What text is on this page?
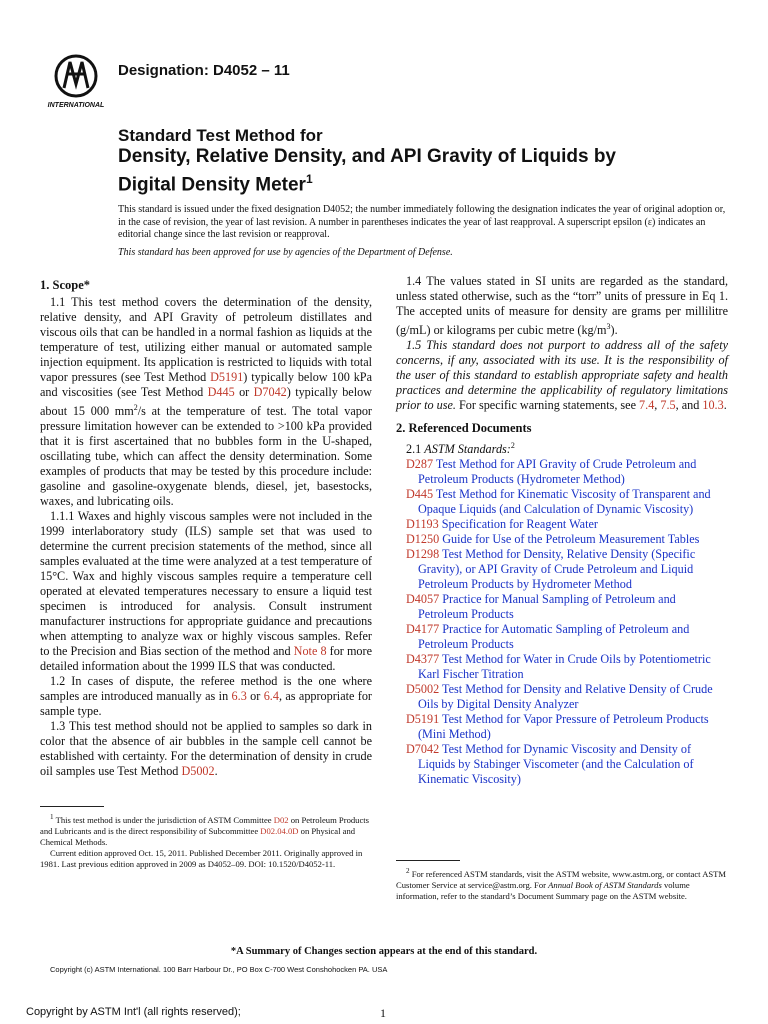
INTERNATIONAL
Designation: D4052 – 11
Standard Test Method for
Density, Relative Density, and API Gravity of Liquids by Digital Density Meter$^1$
This standard is issued under the fixed designation D4052; the number immediately following the designation indicates the year of original adoption or, in the case of revision, the year of last revision. A number in parentheses indicates the year of last reapproval. A superscript epsilon (ε) indicates an editorial change since the last revision or reapproval.
This standard has been approved for use by agencies of the Department of Defense.

1. Scope*

1.1 This test method covers the determination of the density, relative density, and API Gravity of petroleum distillates and viscous oils that can be handled in a normal fashion as liquids at the temperature of test, utilizing either manual or automated sample injection equipment. Its application is restricted to liquids with total vapor pressures (see Test Method D5191) typically below 100 kPa and viscosities (see Test Method D445 or D7042) typically below about 15 000 $mm^2/s$ at the temperature of test. The total vapor pressure limitation however can be extended to >100 kPa provided that it is first ascertained that no bubbles form in the U-shaped, oscillating tube, which can affect the density determination. Some examples of products that may be tested by this procedure include: gasoline and gasoline-oxygenate blends, diesel, jet, basestocks, waxes, and lubricating oils.

1.1.1 Waxes and highly viscous samples were not included in the 1999 interlaboratory study (ILS) sample set that was used to determine the current precision statements of the method, since all samples evaluated at the time were analyzed at a test temperature of 15°C. Wax and highly viscous samples require a temperature cell operated at elevated temperatures necessary to ensure a liquid test specimen is introduced for analysis. Consult instrument manufacturer instructions for appropriate guidance and precautions when attempting to analyze wax or highly viscous samples. Refer to the Precision and Bias section of the method and Note 8 for more detailed information about the 1999 ILS that was conducted.

1.2 In cases of dispute, the referee method is the one where samples are introduced manually as in 6.3 or 6.4, as appropriate for sample type.

1.3 This test method should not be applied to samples so dark in color that the absence of air bubbles in the sample cell cannot be established with certainty. For the determination of density in crude oil samples use Test Method D5002.

1.4 The values stated in SI units are regarded as the standard, unless stated otherwise, such as the “torr” units of pressure in Eq 1. The accepted units of measure for density are grams per millilitre (g/mL) or kilograms per cubic metre $(kg/m^3)$.

1.5 This standard does not purport to address all of the safety concerns, if any, associated with its use. It is the responsibility of the user of this standard to establish appropriate safety and health practices and determine the applicability of regulatory limitations prior to use. For specific warning statements, see 7.4, 7.5, and 10.3.

2. Referenced Documents

2.1 ASTM Standards:$^2$

D287 Test Method for API Gravity of Crude Petroleum and Petroleum Products (Hydrometer Method)

D445 Test Method for Kinematic Viscosity of Transparent and Opaque Liquids (and Calculation of Dynamic Viscosity)

D1193 Specification for Reagent Water

D1250 Guide for Use of the Petroleum Measurement Tables

D1298 Test Method for Density, Relative Density (Specific Gravity), or API Gravity of Crude Petroleum and Liquid Petroleum Products by Hydrometer Method

D4057 Practice for Manual Sampling of Petroleum and Petroleum Products

D4177 Practice for Automatic Sampling of Petroleum and Petroleum Products

D4377 Test Method for Water in Crude Oils by Potentiometric Karl Fischer Titration

D5002 Test Method for Density and Relative Density of Crude Oils by Digital Density Analyzer

D5191 Test Method for Vapor Pressure of Petroleum Products (Mini Method)

D7042 Test Method for Dynamic Viscosity and Density of Liquids by Stabinger Viscometer (and the Calculation of Kinematic Viscosity)

$^1$ This test method is under the jurisdiction of ASTM Committee D02 on Petroleum Products and Lubricants and is the direct responsibility of Subcommittee D02.04.0D on Physical and Chemical Methods.

Current edition approved Oct. 15, 2011. Published December 2011. Originally approved in 1981. Last previous edition approved in 2009 as D4052–09. DOI: 10.1520/D4052-11.

$^2$ For referenced ASTM standards, visit the ASTM website, www.astm.org, or contact ASTM Customer Service at service@astm.org. For Annual Book of ASTM Standards volume information, refer to the standard’s Document Summary page on the ASTM website.

*A Summary of Changes section appears at the end of this standard.
Copyright (c) ASTM International. 100 Barr Harbour Dr., PO Box C-700 West Conshohocken PA. USA
Copyright by ASTM Int'l (all rights reserved);	1
